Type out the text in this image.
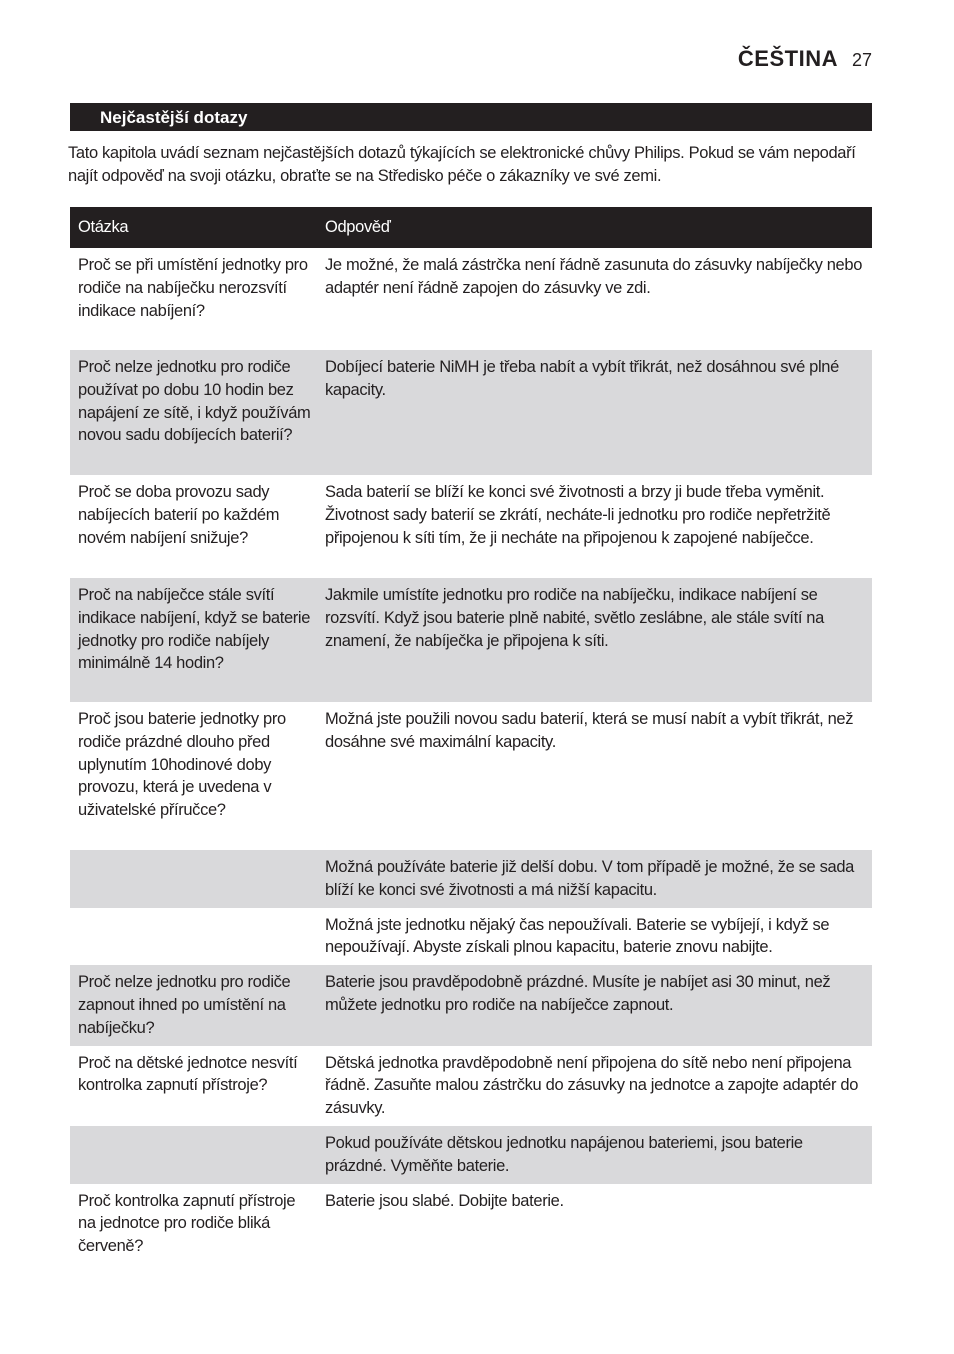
ČEŠTINA 27
Nejčastější dotazy

Tato kapitola uvádí seznam nejčastějších dotazů týkajících se elektronické chůvy Philips. Pokud se vám nepodaří najít odpověď na svoji otázku, obraťte se na Středisko péče o zákazníky ve své zemi.

Otázka	Odpověď
Proč se při umístění jednotky pro rodiče na nabíječku nerozsvítí indikace nabíjení?	Je možné, že malá zástrčka není řádně zasunuta do zásuvky nabíječky nebo adaptér není řádně zapojen do zásuvky ve zdi.
Proč nelze jednotku pro rodiče používat po dobu 10 hodin bez napájení ze sítě, i když používám novou sadu dobíjecích baterií?	Dobíjecí baterie NiMH je třeba nabít a vybít třikrát, než dosáhnou své plné kapacity.
Proč se doba provozu sady nabíjecích baterií po každém novém nabíjení snižuje?	Sada baterií se blíží ke konci své životnosti a brzy ji bude třeba vyměnit. Životnost sady baterií se zkrátí, necháte-li jednotku pro rodiče nepřetržitě připojenou k síti tím, že ji necháte na připojenou k zapojené nabíječce.
Proč na nabíječce stále svítí indikace nabíjení, když se baterie jednotky pro rodiče nabíjely minimálně 14 hodin?	Jakmile umístíte jednotku pro rodiče na nabíječku, indikace nabíjení se rozsvítí. Když jsou baterie plně nabité, světlo zeslábne, ale stále svítí na znamení, že nabíječka je připojena k síti.
Proč jsou baterie jednotky pro rodiče prázdné dlouho před uplynutím 10hodinové doby provozu, která je uvedena v uživatelské příručce?	Možná jste použili novou sadu baterií, která se musí nabít a vybít třikrát, než dosáhne své maximální kapacity.
	Možná používáte baterie již delší dobu. V tom případě je možné, že se sada blíží ke konci své životnosti a má nižší kapacitu.
	Možná jste jednotku nějaký čas nepoužívali. Baterie se vybíjejí, i když se nepoužívají. Abyste získali plnou kapacitu, baterie znovu nabijte.
Proč nelze jednotku pro rodiče zapnout ihned po umístění na nabíječku?	Baterie jsou pravděpodobně prázdné. Musíte je nabíjet asi 30 minut, než můžete jednotku pro rodiče na nabíječce zapnout.
Proč na dětské jednotce nesvítí kontrolka zapnutí přístroje?	Dětská jednotka pravděpodobně není připojena do sítě nebo není připojena řádně. Zasuňte malou zástrčku do zásuvky na jednotce a zapojte adaptér do zásuvky.
	Pokud používáte dětskou jednotku napájenou bateriemi, jsou baterie prázdné. Vyměňte baterie.
Proč kontrolka zapnutí přístroje na jednotce pro rodiče bliká červeně?	Baterie jsou slabé. Dobijte baterie.
